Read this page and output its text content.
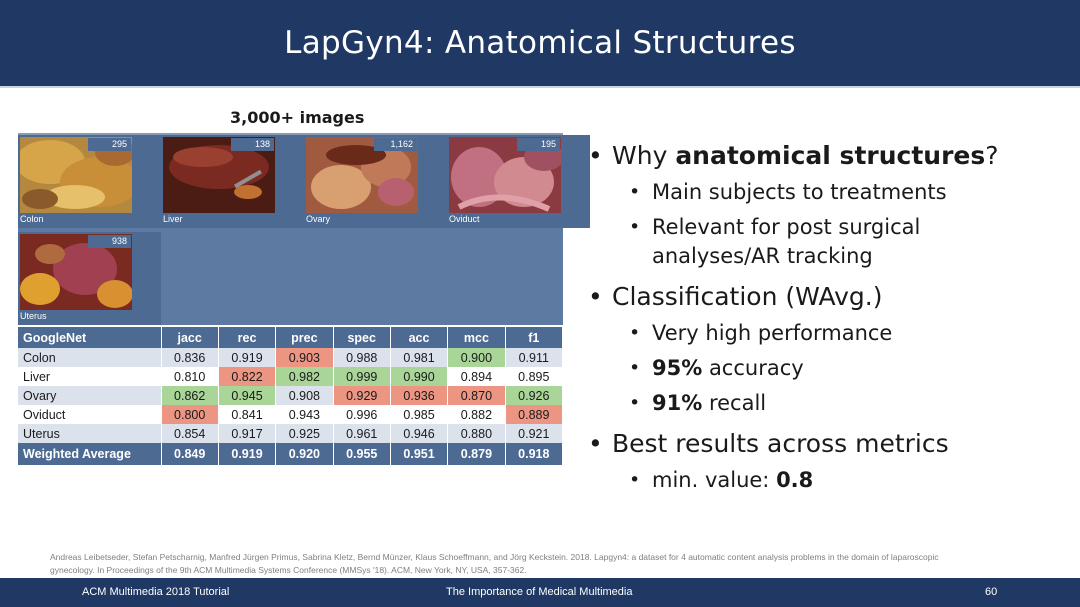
LapGyn4: Anatomical Structures
3,000+ images
295
Colon
138
Liver
1,162
Ovary
195
Oviduct
938
Uterus
GoogleNet	jacc	rec	prec	spec	acc	mcc	f1
Colon	0.836	0.919	0.903	0.988	0.981	0.900	0.911
Liver	0.810	0.822	0.982	0.999	0.990	0.894	0.895
Ovary	0.862	0.945	0.908	0.929	0.936	0.870	0.926
Oviduct	0.800	0.841	0.943	0.996	0.985	0.882	0.889
Uterus	0.854	0.917	0.925	0.961	0.946	0.880	0.921
Weighted Average	0.849	0.919	0.920	0.955	0.951	0.879	0.918
• Why anatomical structures?
• Main subjects to treatments
• Relevant for post surgical
analyses/AR tracking
• Classification (WAvg.)
• Very high performance
• 95% accuracy
• 91% recall
• Best results across metrics
• min. value: 0.8
Andreas Leibetseder, Stefan Petscharnig, Manfred Jürgen Primus, Sabrina Kletz, Bernd Münzer, Klaus Schoeffmann, and Jörg Keckstein. 2018. Lapgyn4: a dataset for 4 automatic content analysis problems in the domain of laparoscopic
gynecology. In Proceedings of the 9th ACM Multimedia Systems Conference (MMSys '18). ACM, New York, NY, USA, 357-362.
ACM Multimedia 2018 Tutorial	The Importance of Medical Multimedia	60
